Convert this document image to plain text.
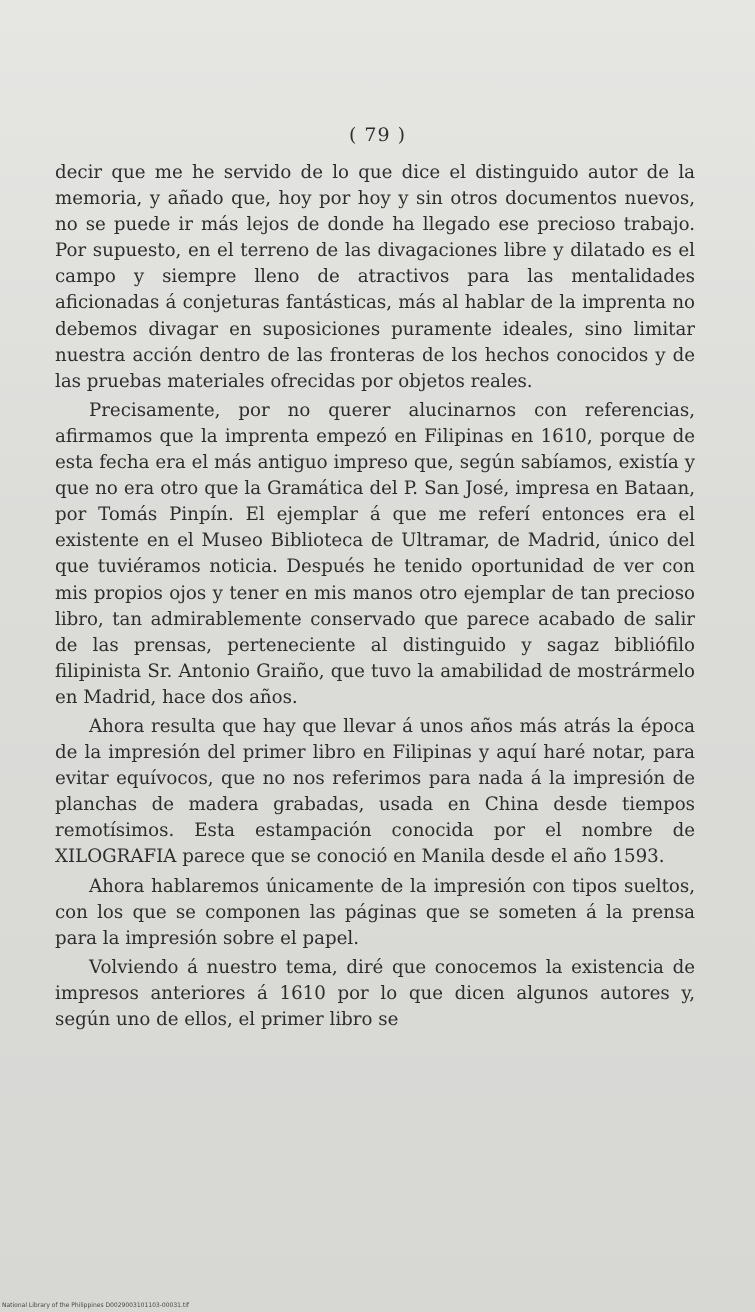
( 79 )

decir que me he servido de lo que dice el distinguido autor de la memoria, y añado que, hoy por hoy y sin otros documentos nuevos, no se puede ir más lejos de donde ha llegado ese precioso trabajo. Por supuesto, en el terreno de las divagaciones libre y dilatado es el campo y siempre lleno de atractivos para las mentalidades aficionadas á conjeturas fantásticas, más al hablar de la imprenta no debemos divagar en suposiciones puramente ideales, sino limitar nuestra acción dentro de las fronteras de los hechos conocidos y de las pruebas materiales ofrecidas por objetos reales.

Precisamente, por no querer alucinarnos con referencias, afirmamos que la imprenta empezó en Filipinas en 1610, porque de esta fecha era el más antiguo impreso que, según sabíamos, existía y que no era otro que la Gramática del P. San José, impresa en Bataan, por Tomás Pinpín. El ejemplar á que me referí entonces era el existente en el Museo Biblioteca de Ultramar, de Madrid, único del que tuviéramos noticia. Después he tenido oportunidad de ver con mis propios ojos y tener en mis manos otro ejemplar de tan precioso libro, tan admirablemente conservado que parece acabado de salir de las prensas, perteneciente al distinguido y sagaz bibliófilo filipinista Sr. Antonio Graiño, que tuvo la amabilidad de mostrármelo en Madrid, hace dos años.

Ahora resulta que hay que llevar á unos años más atrás la época de la impresión del primer libro en Filipinas y aquí haré notar, para evitar equívocos, que no nos referimos para nada á la impresión de planchas de madera grabadas, usada en China desde tiempos remotísimos. Esta estampación conocida por el nombre de XILOGRAFIA parece que se conoció en Manila desde el año 1593.

Ahora hablaremos únicamente de la impresión con tipos sueltos, con los que se componen las páginas que se someten á la prensa para la impresión sobre el papel.

Volviendo á nuestro tema, diré que conocemos la existencia de impresos anteriores á 1610 por lo que dicen algunos autores y, según uno de ellos, el primer libro se

National Library of the Philippines D0029003101103-00031.tif
